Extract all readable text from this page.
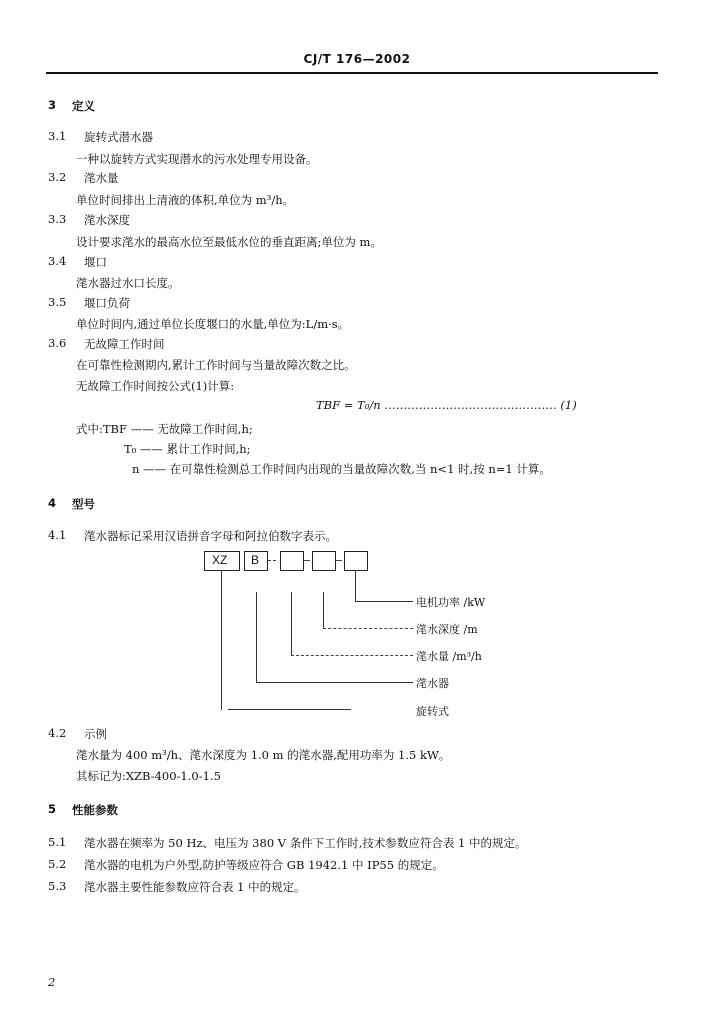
CJ/T 176—2002
3 定义
3.1 旋转式潜水器
一种以旋转方式实现潜水的污水处理专用设备。
3.2 滗水量
单位时间排出上清液的体积,单位为 m³/h。
3.3 滗水深度
设计要求滗水的最高水位至最低水位的垂直距离;单位为 m。
3.4 堰口
滗水器过水口长度。
3.5 堰口负荷
单位时间内,通过单位长度堰口的水量,单位为:L/m·s。
3.6 无故障工作时间
在可靠性检测期内,累计工作时间与当量故障次数之比。
无故障工作时间按公式(1)计算:
TBF = T₀/n ……………………………………… (1)
式中:TBF —— 无故障工作时间,h;
T₀ —— 累计工作时间,h;
n —— 在可靠性检测总工作时间内出现的当量故障次数,当 n<1 时,按 n=1 计算。
4 型号
4.1 滗水器标记采用汉语拼音字母和阿拉伯数字表示。
XZ B
电机功率 /kW
滗水深度 /m
滗水量 /m³/h
滗水器
旋转式
4.2 示例
滗水量为 400 m³/h、滗水深度为 1.0 m 的滗水器,配用功率为 1.5 kW。
其标记为:XZB-400-1.0-1.5
5 性能参数
5.1 滗水器在频率为 50 Hz、电压为 380 V 条件下工作时,技术参数应符合表 1 中的规定。
5.2 滗水器的电机为户外型,防护等级应符合 GB 1942.1 中 IP55 的规定。
5.3 滗水器主要性能参数应符合表 1 中的规定。
2
